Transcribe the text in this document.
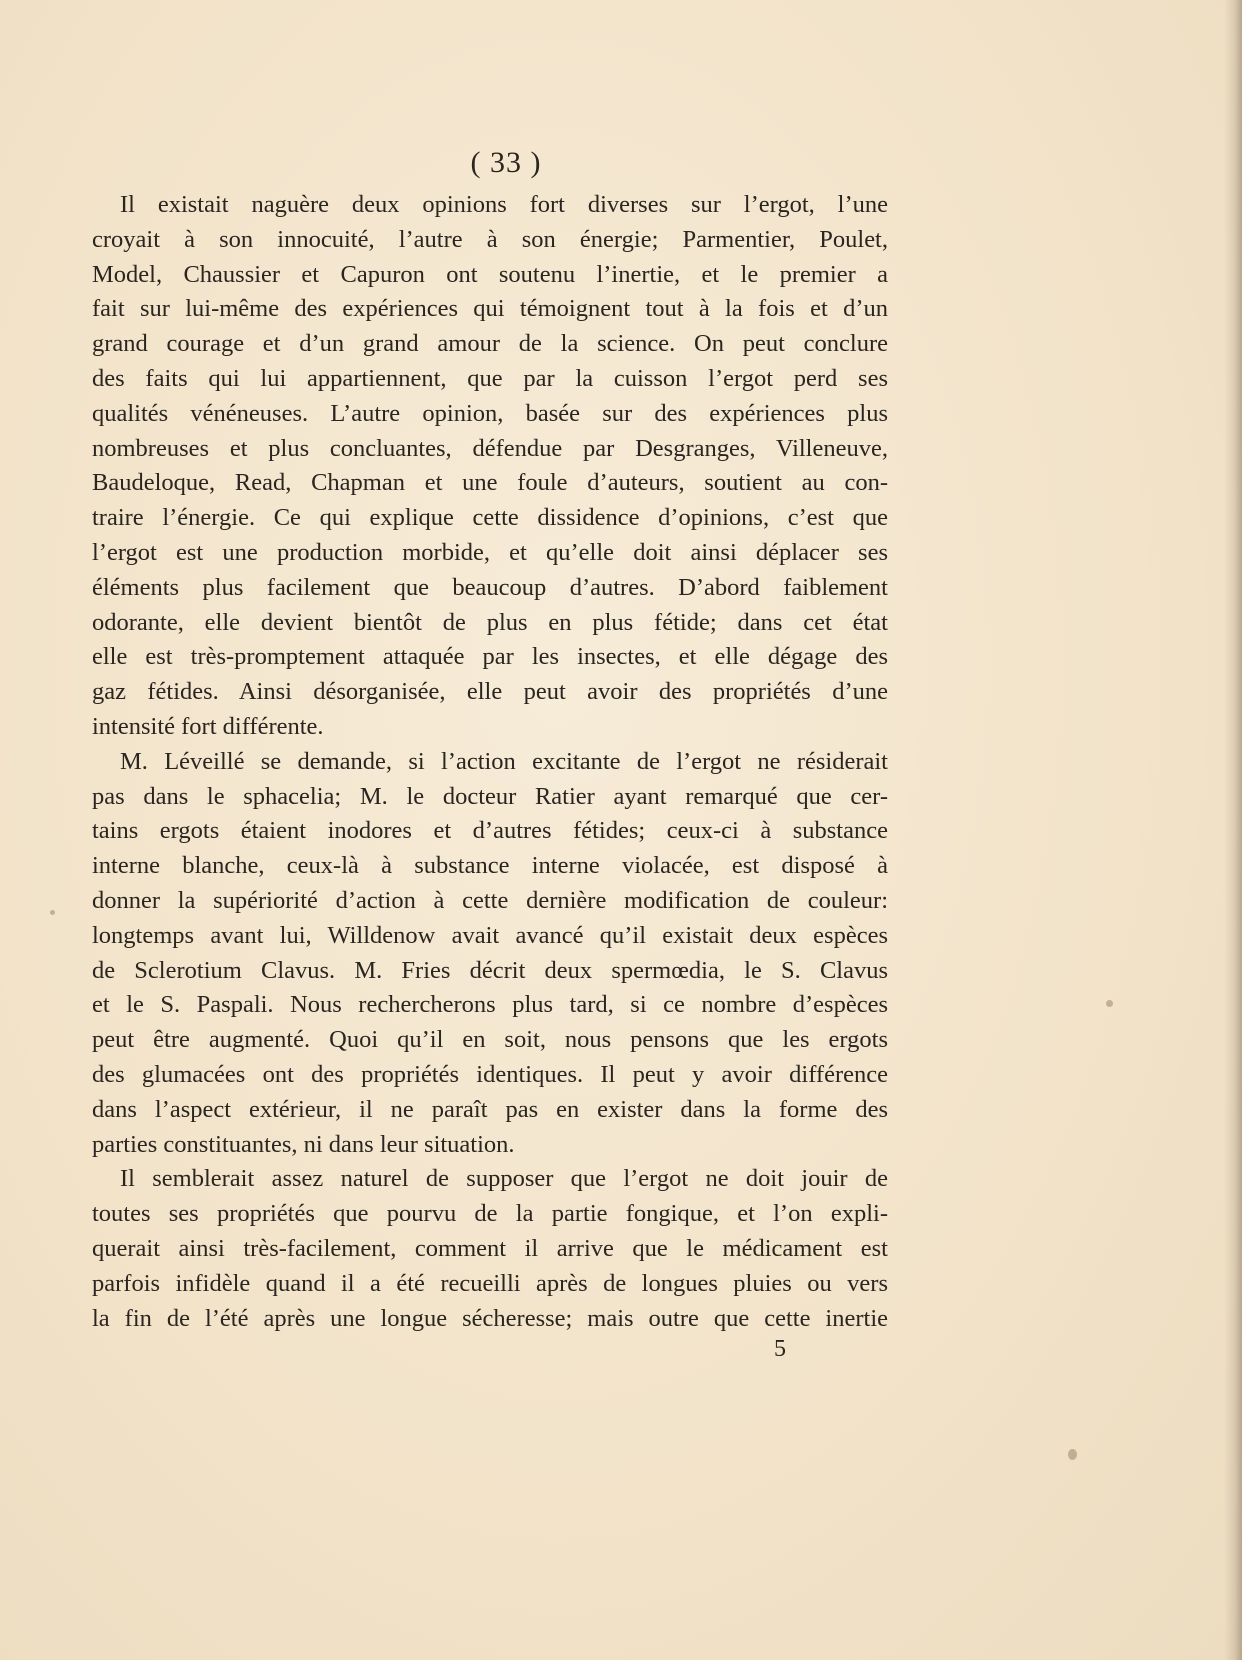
( 33 )
Il existait naguère deux opinions fort diverses sur l’ergot, l’une
croyait à son innocuité, l’autre à son énergie; Parmentier, Poulet,
Model, Chaussier et Capuron ont soutenu l’inertie, et le premier a
fait sur lui-même des expériences qui témoignent tout à la fois et d’un
grand courage et d’un grand amour de la science. On peut conclure
des faits qui lui appartiennent, que par la cuisson l’ergot perd ses
qualités vénéneuses. L’autre opinion, basée sur des expériences plus
nombreuses et plus concluantes, défendue par Desgranges, Villeneuve,
Baudeloque, Read, Chapman et une foule d’auteurs, soutient au con-
traire l’énergie. Ce qui explique cette dissidence d’opinions, c’est que
l’ergot est une production morbide, et qu’elle doit ainsi déplacer ses
éléments plus facilement que beaucoup d’autres. D’abord faiblement
odorante, elle devient bientôt de plus en plus fétide; dans cet état
elle est très-promptement attaquée par les insectes, et elle dégage des
gaz fétides. Ainsi désorganisée, elle peut avoir des propriétés d’une
intensité fort différente.
M. Léveillé se demande, si l’action excitante de l’ergot ne résiderait
pas dans le sphacelia; M. le docteur Ratier ayant remarqué que cer-
tains ergots étaient inodores et d’autres fétides; ceux-ci à substance
interne blanche, ceux-là à substance interne violacée, est disposé à
donner la supériorité d’action à cette dernière modification de couleur:
longtemps avant lui, Willdenow avait avancé qu’il existait deux espèces
de Sclerotium Clavus. M. Fries décrit deux spermœdia, le S. Clavus
et le S. Paspali. Nous rechercherons plus tard, si ce nombre d’espèces
peut être augmenté. Quoi qu’il en soit, nous pensons que les ergots
des glumacées ont des propriétés identiques. Il peut y avoir différence
dans l’aspect extérieur, il ne paraît pas en exister dans la forme des
parties constituantes, ni dans leur situation.
Il semblerait assez naturel de supposer que l’ergot ne doit jouir de
toutes ses propriétés que pourvu de la partie fongique, et l’on expli-
querait ainsi très-facilement, comment il arrive que le médicament est
parfois infidèle quand il a été recueilli après de longues pluies ou vers
la fin de l’été après une longue sécheresse; mais outre que cette inertie
5
